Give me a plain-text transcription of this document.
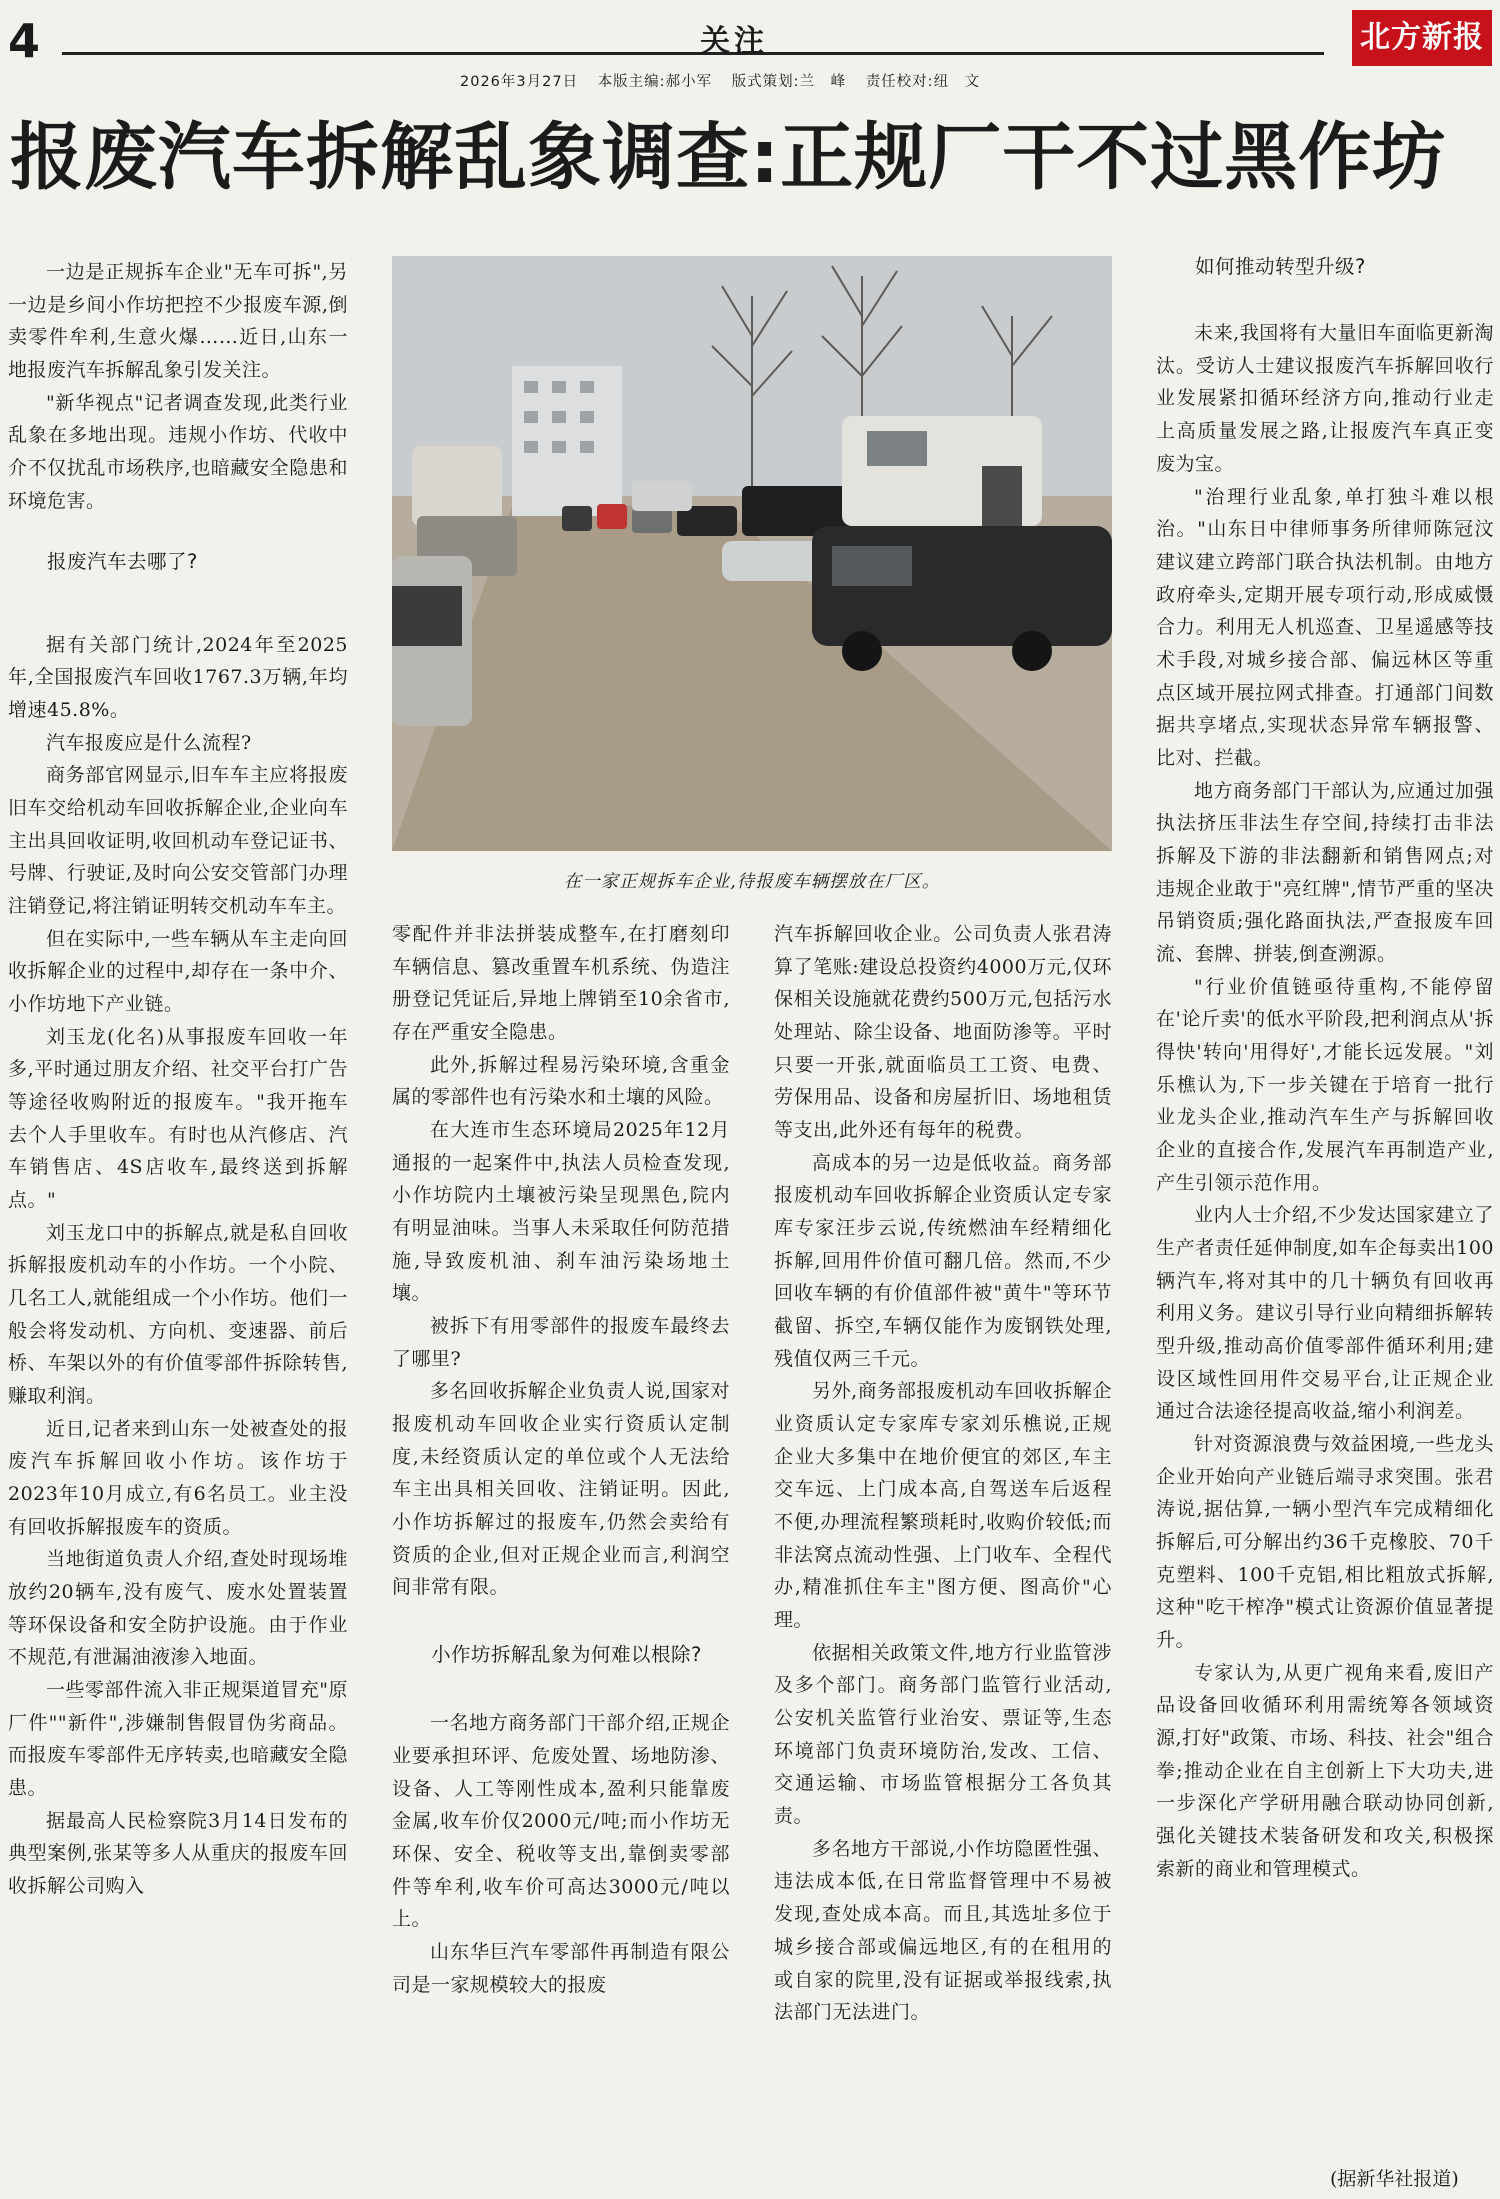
4	关注	北方新报
2026年3月27日 本版主编:郝小军 版式策划:兰　峰 责任校对:纽　文
报废汽车拆解乱象调查:正规厂干不过黑作坊
在一家正规拆车企业,待报废车辆摆放在厂区。

一边是正规拆车企业"无车可拆",另一边是乡间小作坊把控不少报废车源,倒卖零件牟利,生意火爆……近日,山东一地报废汽车拆解乱象引发关注。

"新华视点"记者调查发现,此类行业乱象在多地出现。违规小作坊、代收中介不仅扰乱市场秩序,也暗藏安全隐患和环境危害。

报废汽车去哪了?

据有关部门统计,2024年至2025年,全国报废汽车回收1767.3万辆,年均增速45.8%。

汽车报废应是什么流程?

商务部官网显示,旧车车主应将报废旧车交给机动车回收拆解企业,企业向车主出具回收证明,收回机动车登记证书、号牌、行驶证,及时向公安交管部门办理注销登记,将注销证明转交机动车车主。

但在实际中,一些车辆从车主走向回收拆解企业的过程中,却存在一条中介、小作坊地下产业链。

刘玉龙(化名)从事报废车回收一年多,平时通过朋友介绍、社交平台打广告等途径收购附近的报废车。"我开拖车去个人手里收车。有时也从汽修店、汽车销售店、4S店收车,最终送到拆解点。"

刘玉龙口中的拆解点,就是私自回收拆解报废机动车的小作坊。一个小院、几名工人,就能组成一个小作坊。他们一般会将发动机、方向机、变速器、前后桥、车架以外的有价值零部件拆除转售,赚取利润。

近日,记者来到山东一处被查处的报废汽车拆解回收小作坊。该作坊于2023年10月成立,有6名员工。业主没有回收拆解报废车的资质。

当地街道负责人介绍,查处时现场堆放约20辆车,没有废气、废水处置装置等环保设备和安全防护设施。由于作业不规范,有泄漏油液渗入地面。

一些零部件流入非正规渠道冒充"原厂件""新件",涉嫌制售假冒伪劣商品。而报废车零部件无序转卖,也暗藏安全隐患。

据最高人民检察院3月14日发布的典型案例,张某等多人从重庆的报废车回收拆解公司购入

零配件并非法拼装成整车,在打磨刻印车辆信息、篡改重置车机系统、伪造注册登记凭证后,异地上牌销至10余省市,存在严重安全隐患。

此外,拆解过程易污染环境,含重金属的零部件也有污染水和土壤的风险。

在大连市生态环境局2025年12月通报的一起案件中,执法人员检查发现,小作坊院内土壤被污染呈现黑色,院内有明显油味。当事人未采取任何防范措施,导致废机油、刹车油污染场地土壤。

被拆下有用零部件的报废车最终去了哪里?

多名回收拆解企业负责人说,国家对报废机动车回收企业实行资质认定制度,未经资质认定的单位或个人无法给车主出具相关回收、注销证明。因此,小作坊拆解过的报废车,仍然会卖给有资质的企业,但对正规企业而言,利润空间非常有限。

小作坊拆解乱象为何难以根除?

一名地方商务部门干部介绍,正规企业要承担环评、危废处置、场地防渗、设备、人工等刚性成本,盈利只能靠废金属,收车价仅2000元/吨;而小作坊无环保、安全、税收等支出,靠倒卖零部件等牟利,收车价可高达3000元/吨以上。

山东华巨汽车零部件再制造有限公司是一家规模较大的报废

汽车拆解回收企业。公司负责人张君涛算了笔账:建设总投资约4000万元,仅环保相关设施就花费约500万元,包括污水处理站、除尘设备、地面防渗等。平时只要一开张,就面临员工工资、电费、劳保用品、设备和房屋折旧、场地租赁等支出,此外还有每年的税费。

高成本的另一边是低收益。商务部报废机动车回收拆解企业资质认定专家库专家汪步云说,传统燃油车经精细化拆解,回用件价值可翻几倍。然而,不少回收车辆的有价值部件被"黄牛"等环节截留、拆空,车辆仅能作为废钢铁处理,残值仅两三千元。

另外,商务部报废机动车回收拆解企业资质认定专家库专家刘乐樵说,正规企业大多集中在地价便宜的郊区,车主交车远、上门成本高,自驾送车后返程不便,办理流程繁琐耗时,收购价较低;而非法窝点流动性强、上门收车、全程代办,精准抓住车主"图方便、图高价"心理。

依据相关政策文件,地方行业监管涉及多个部门。商务部门监管行业活动,公安机关监管行业治安、票证等,生态环境部门负责环境防治,发改、工信、交通运输、市场监管根据分工各负其责。

多名地方干部说,小作坊隐匿性强、违法成本低,在日常监督管理中不易被发现,查处成本高。而且,其选址多位于城乡接合部或偏远地区,有的在租用的或自家的院里,没有证据或举报线索,执法部门无法进门。

如何推动转型升级?

未来,我国将有大量旧车面临更新淘汰。受访人士建议报废汽车拆解回收行业发展紧扣循环经济方向,推动行业走上高质量发展之路,让报废汽车真正变废为宝。

"治理行业乱象,单打独斗难以根治。"山东日中律师事务所律师陈冠汶建议建立跨部门联合执法机制。由地方政府牵头,定期开展专项行动,形成威慑合力。利用无人机巡查、卫星遥感等技术手段,对城乡接合部、偏远林区等重点区域开展拉网式排查。打通部门间数据共享堵点,实现状态异常车辆报警、比对、拦截。

地方商务部门干部认为,应通过加强执法挤压非法生存空间,持续打击非法拆解及下游的非法翻新和销售网点;对违规企业敢于"亮红牌",情节严重的坚决吊销资质;强化路面执法,严查报废车回流、套牌、拼装,倒查溯源。

"行业价值链亟待重构,不能停留在'论斤卖'的低水平阶段,把利润点从'拆得快'转向'用得好',才能长远发展。"刘乐樵认为,下一步关键在于培育一批行业龙头企业,推动汽车生产与拆解回收企业的直接合作,发展汽车再制造产业,产生引领示范作用。

业内人士介绍,不少发达国家建立了生产者责任延伸制度,如车企每卖出100辆汽车,将对其中的几十辆负有回收再利用义务。建议引导行业向精细拆解转型升级,推动高价值零部件循环利用;建设区域性回用件交易平台,让正规企业通过合法途径提高收益,缩小利润差。

针对资源浪费与效益困境,一些龙头企业开始向产业链后端寻求突围。张君涛说,据估算,一辆小型汽车完成精细化拆解后,可分解出约36千克橡胶、70千克塑料、100千克铝,相比粗放式拆解,这种"吃干榨净"模式让资源价值显著提升。

专家认为,从更广视角来看,废旧产品设备回收循环利用需统筹各领域资源,打好"政策、市场、科技、社会"组合拳;推动企业在自主创新上下大功夫,进一步深化产学研用融合联动协同创新,强化关键技术装备研发和攻关,积极探索新的商业和管理模式。

(据新华社报道)
